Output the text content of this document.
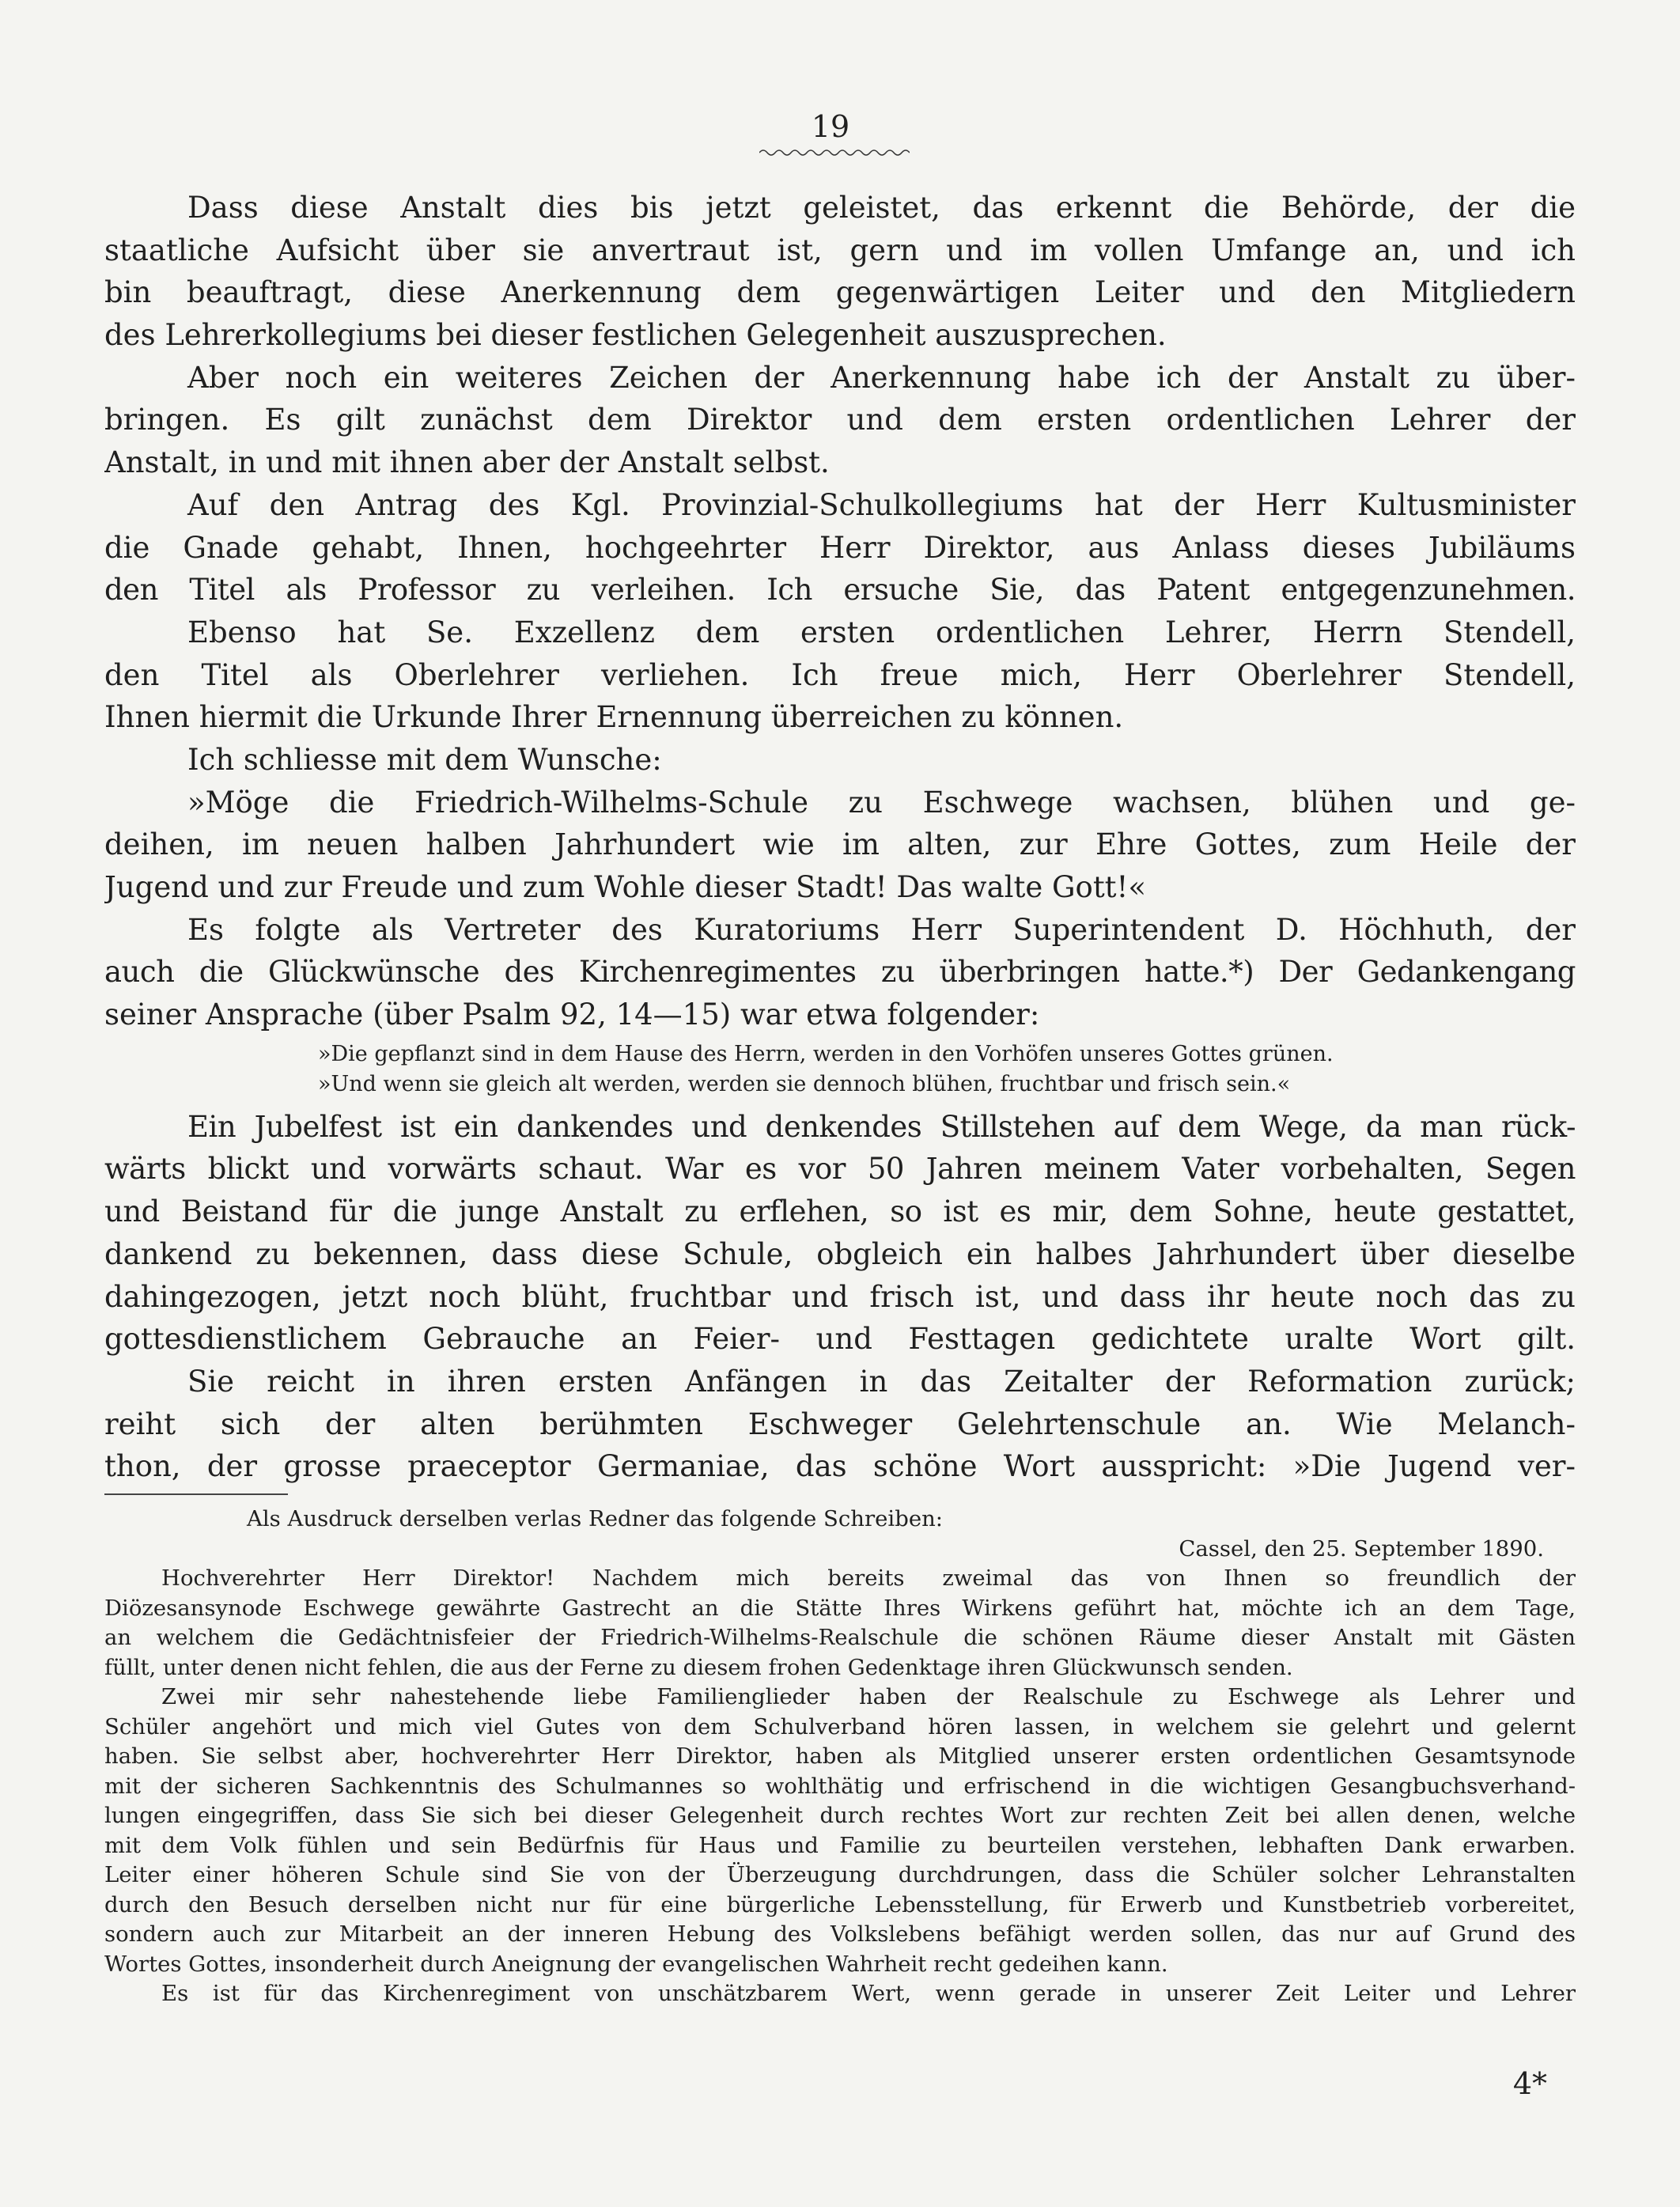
19

Dass diese Anstalt dies bis jetzt geleistet, das erkennt die Behörde, der die

staatliche Aufsicht über sie anvertraut ist, gern und im vollen Umfange an, und ich

bin beauftragt, diese Anerkennung dem gegenwärtigen Leiter und den Mitgliedern

des Lehrerkollegiums bei dieser festlichen Gelegenheit auszusprechen.

Aber noch ein weiteres Zeichen der Anerkennung habe ich der Anstalt zu über-

bringen. Es gilt zunächst dem Direktor und dem ersten ordentlichen Lehrer der

Anstalt, in und mit ihnen aber der Anstalt selbst.

Auf den Antrag des Kgl. Provinzial-Schulkollegiums hat der Herr Kultusminister

die Gnade gehabt, Ihnen, hochgeehrter Herr Direktor, aus Anlass dieses Jubiläums

den Titel als Professor zu verleihen. Ich ersuche Sie, das Patent entgegenzunehmen.

Ebenso hat Se. Exzellenz dem ersten ordentlichen Lehrer, Herrn Stendell,

den Titel als Oberlehrer verliehen. Ich freue mich, Herr Oberlehrer Stendell,

Ihnen hiermit die Urkunde Ihrer Ernennung überreichen zu können.

Ich schliesse mit dem Wunsche:

»Möge die Friedrich-Wilhelms-Schule zu Eschwege wachsen, blühen und ge-

deihen, im neuen halben Jahrhundert wie im alten, zur Ehre Gottes, zum Heile der

Jugend und zur Freude und zum Wohle dieser Stadt! Das walte Gott!«

Es folgte als Vertreter des Kuratoriums Herr Superintendent D. Höchhuth, der

auch die Glückwünsche des Kirchenregimentes zu überbringen hatte.*) Der Gedankengang

seiner Ansprache (über Psalm 92, 14—15) war etwa folgender:

»Die gepflanzt sind in dem Hause des Herrn, werden in den Vorhöfen unseres Gottes grünen.

»Und wenn sie gleich alt werden, werden sie dennoch blühen, fruchtbar und frisch sein.«

Ein Jubelfest ist ein dankendes und denkendes Stillstehen auf dem Wege, da man rück-

wärts blickt und vorwärts schaut. War es vor 50 Jahren meinem Vater vorbehalten, Segen

und Beistand für die junge Anstalt zu erflehen, so ist es mir, dem Sohne, heute gestattet,

dankend zu bekennen, dass diese Schule, obgleich ein halbes Jahrhundert über dieselbe

dahingezogen, jetzt noch blüht, fruchtbar und frisch ist, und dass ihr heute noch das zu

gottesdienstlichem Gebrauche an Feier- und Festtagen gedichtete uralte Wort gilt.

Sie reicht in ihren ersten Anfängen in das Zeitalter der Reformation zurück;

reiht sich der alten berühmten Eschweger Gelehrtenschule an. Wie Melanch-

thon, der grosse praeceptor Germaniae, das schöne Wort ausspricht: »Die Jugend ver-

Als Ausdruck derselben verlas Redner das folgende Schreiben:

Cassel, den 25. September 1890.

Hochverehrter Herr Direktor! Nachdem mich bereits zweimal das von Ihnen so freundlich der

Diözesansynode Eschwege gewährte Gastrecht an die Stätte Ihres Wirkens geführt hat, möchte ich an dem Tage,

an welchem die Gedächtnisfeier der Friedrich-Wilhelms-Realschule die schönen Räume dieser Anstalt mit Gästen

füllt, unter denen nicht fehlen, die aus der Ferne zu diesem frohen Gedenktage ihren Glückwunsch senden.

Zwei mir sehr nahestehende liebe Familienglieder haben der Realschule zu Eschwege als Lehrer und

Schüler angehört und mich viel Gutes von dem Schulverband hören lassen, in welchem sie gelehrt und gelernt

haben. Sie selbst aber, hochverehrter Herr Direktor, haben als Mitglied unserer ersten ordentlichen Gesamtsynode

mit der sicheren Sachkenntnis des Schulmannes so wohlthätig und erfrischend in die wichtigen Gesangbuchsverhand-

lungen eingegriffen, dass Sie sich bei dieser Gelegenheit durch rechtes Wort zur rechten Zeit bei allen denen, welche

mit dem Volk fühlen und sein Bedürfnis für Haus und Familie zu beurteilen verstehen, lebhaften Dank erwarben.

Leiter einer höheren Schule sind Sie von der Überzeugung durchdrungen, dass die Schüler solcher Lehranstalten

durch den Besuch derselben nicht nur für eine bürgerliche Lebensstellung, für Erwerb und Kunstbetrieb vorbereitet,

sondern auch zur Mitarbeit an der inneren Hebung des Volkslebens befähigt werden sollen, das nur auf Grund des

Wortes Gottes, insonderheit durch Aneignung der evangelischen Wahrheit recht gedeihen kann.

Es ist für das Kirchenregiment von unschätzbarem Wert, wenn gerade in unserer Zeit Leiter und Lehrer

4*
